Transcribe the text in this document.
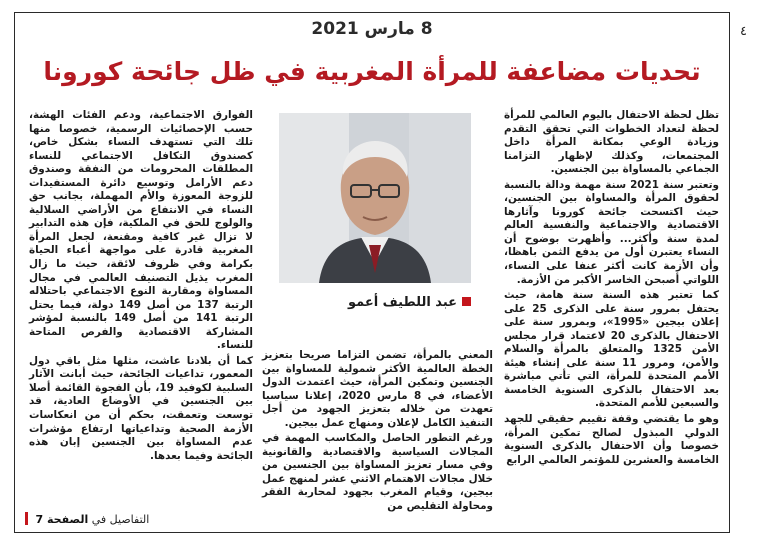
8 مارس 2021
تحديات مضاعفة للمرأة المغربية في ظل جائحة كورونا

تظل لحظة الاحتفال باليوم العالمي للمرأة لحظة لتعداد الخطوات التي تحقق التقدم وزيادة الوعي بمكانة المرأة داخل المجتمعات، وكذلك لإظهار التزامنا الجماعي بالمساواة بين الجنسين.

وتعتبر سنة 2021 سنة مهمة ودالة بالنسبة لحقوق المرأة والمساواة بين الجنسين، حيث اكتسحت جائحة كورونا وآثارها الاقتصادية والاجتماعية والنفسية العالم لمدة سنة وأكثر... وأظهرت بوضوح أن النساء يعتبرن أول من يدفع الثمن باهظا، وأن الأزمة كانت أكثر عنفا على النساء، اللواتي أصبحن الخاسر الأكبر من الأزمة.

كما تعتبر هذه السنة سنة هامة، حيث يحتفل بمرور سنة على الذكرى 25 على إعلان بيجين «1995»، وبمرور سنة على الاحتفال بالذكرى 20 لاعتماد قرار مجلس الأمن 1325 والمتعلق بالمرأة والسلام والأمن، ومرور 11 سنة على إنشاء هيئة الأمم المتحدة للمرأة، التي تأتي مباشرة بعد الاحتفال بالذكرى السنوية الخامسة والسبعين للأمم المتحدة.

وهو ما يقتضي وقفة تقييم حقيقي للجهد الدولي المبذول لصالح تمكين المرأة، خصوصا وأن الاحتفال بالذكرى السنوية الخامسة والعشرين للمؤتمر العالمي الرابع

عبد اللطيف أعمو

المعني بالمرأة، تضمن التزاما صريحا بتعزيز الخطة العالمية الأكثر شمولية للمساواة بين الجنسين وتمكين المرأة، حيث اعتمدت الدول الأعضاء، في 8 مارس 2020، إعلانا سياسيا تعهدت من خلاله بتعزيز الجهود من أجل التنفيذ الكامل لإعلان ومنهاج عمل بيجين.

ورغم التطور الحاصل والمكاسب المهمة في المجالات السياسية والاقتصادية والقانونية وفي مسار تعزيز المساواة بين الجنسين من خلال مجالات الاهتمام الاثني عشر لمنهج عمل بيجين، وقيام المغرب بجهود لمحاربة الفقر ومحاولة التقليص من

الفوارق الاجتماعية، ودعم الفئات الهشة، حسب الإحصائيات الرسمية، خصوصا منها تلك التي تستهدف النساء بشكل خاص، كصندوق التكافل الاجتماعي للنساء المطلقات المحرومات من النفقة وصندوق دعم الأرامل وتوسيع دائرة المستفيدات للزوجة المعوزة والأم المهملة، بجانب حق النساء في الانتفاع من الأراضي السلالية والولوج للحق في الملكية، فإن هذه التدابير لا تزال غير كافية ومقنعة، لجعل المرأة المغربية قادرة على مواجهة أعباء الحياة بكرامة وفي ظروف لائقة، حيث ما زال المغرب يذيل التصنيف العالمي في مجال المساواة ومقاربة النوع الاجتماعي باحتلاله الرتبة 137 من أصل 149 دولة، فيما يحتل الرتبة 141 من أصل 149 بالنسبة لمؤشر المشاركة الاقتصادية والفرص المتاحة للنساء.

كما أن بلادنا عاشت، مثلها مثل باقي دول المعمور، تداعيات الجائحة، حيث أبانت الآثار السلبية لكوفيد 19، بأن الفجوة القائمة أصلا بين الجنسين في الأوضاع العادية، قد توسعت وتعمقت، بحكم أن من انعكاسات الأزمة الصحية وتداعياتها ارتفاع مؤشرات عدم المساواة بين الجنسين إبان هذه الجائحة وفيما بعدها.

التفاصيل في الصفحة 7
٤
